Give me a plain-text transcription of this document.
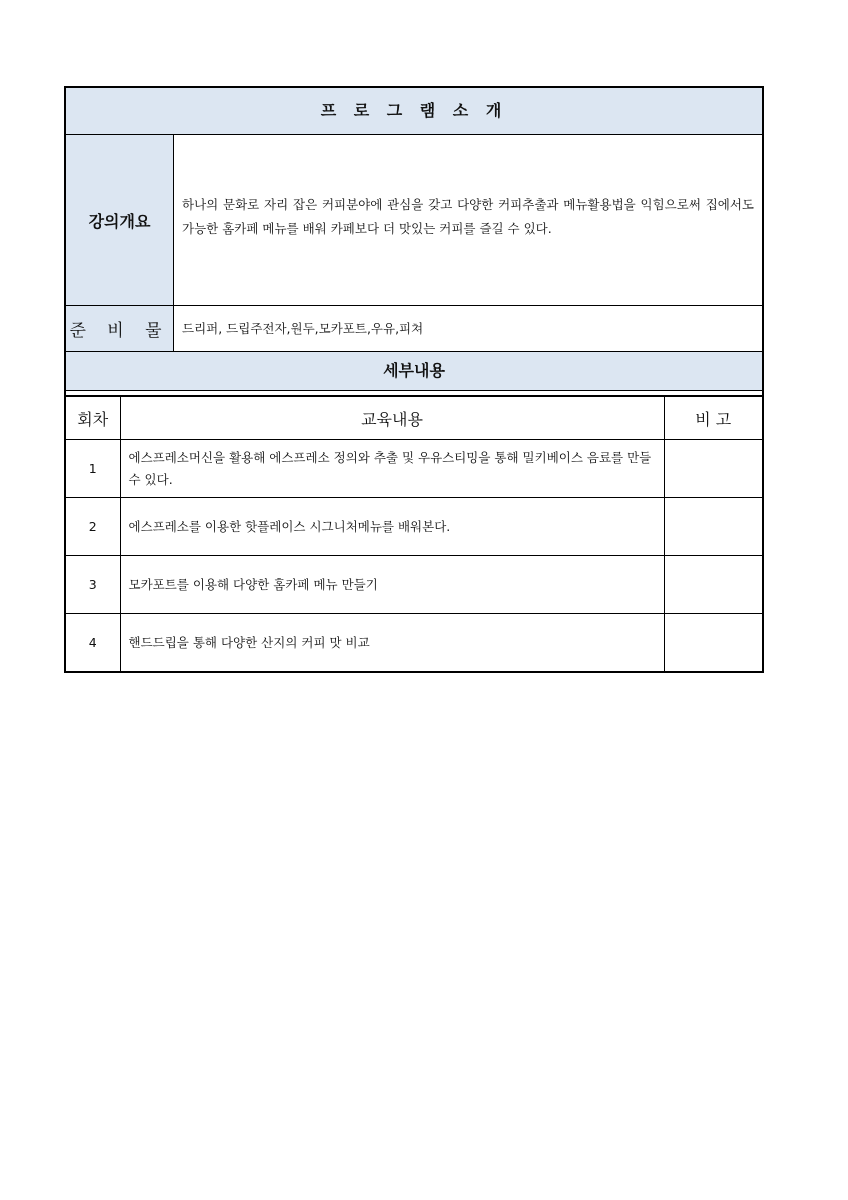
프 로 그 램 소 개
강의개요
하나의 문화로 자리 잡은 커피분야에 관심을 갖고 다양한 커피추출과 메뉴활용법을 익힘으로써 집에서도 가능한 홈카페 메뉴를 배워 카페보다 더 맛있는 커피를 즐길 수 있다.
준 비 물 드리퍼, 드립주전자,원두,모카포트,우유,피쳐
세부내용
회차	교육내용	비 고
1	에스프레소머신을 활용해 에스프레소 정의와 추출 및 우유스티밍을 통해 밀키베이스 음료를 만들 수 있다.	
2	에스프레소를 이용한 핫플레이스 시그니처메뉴를 배워본다.	
3	모카포트를 이용해 다양한 홈카페 메뉴 만들기	
4	핸드드립을 통해 다양한 산지의 커피 맛 비교	
